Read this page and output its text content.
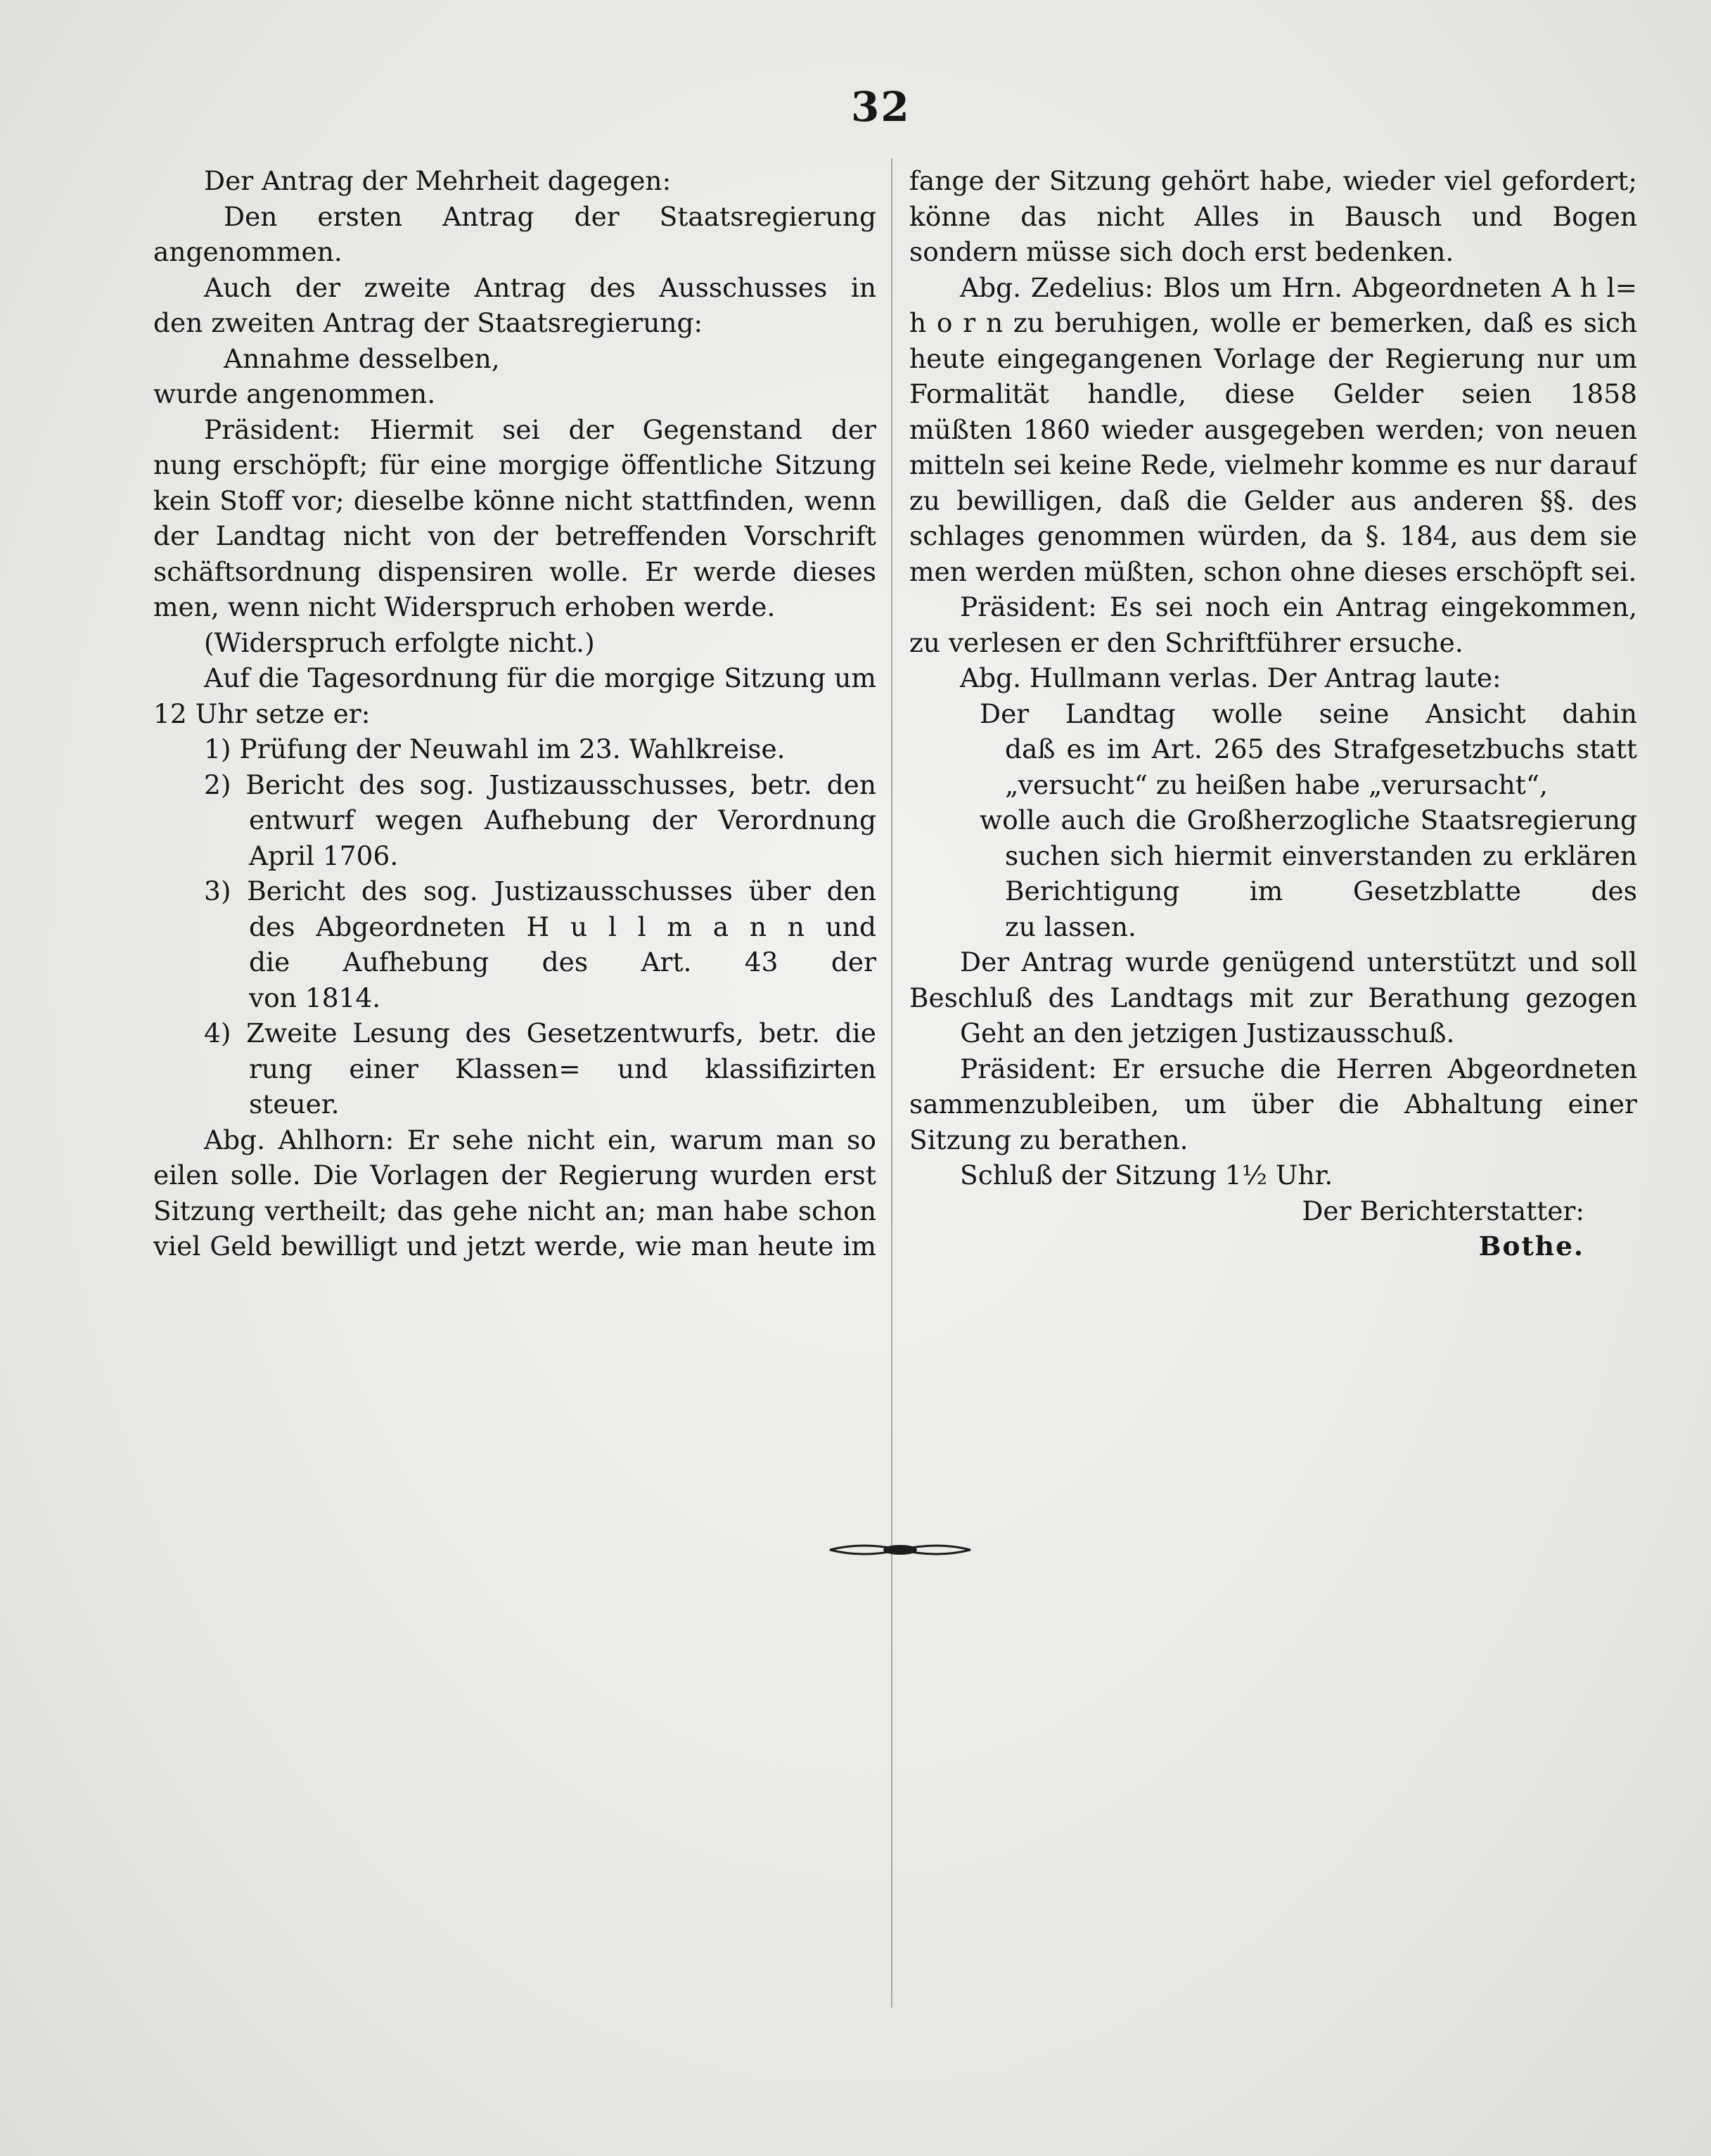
32
Der Antrag der Mehrheit dagegen:
Den ersten Antrag der Staatsregierung
angenommen.
Auch der zweite Antrag des Ausschusses in
den zweiten Antrag der Staatsregierung:
Annahme desselben,
wurde angenommen.
Präsident: Hiermit sei der Gegenstand der
nung erschöpft; für eine morgige öffentliche Sitzung
kein Stoff vor; dieselbe könne nicht stattfinden, wenn
der Landtag nicht von der betreffenden Vorschrift
schäftsordnung dispensiren wolle. Er werde dieses
men, wenn nicht Widerspruch erhoben werde.
(Widerspruch erfolgte nicht.)
Auf die Tagesordnung für die morgige Sitzung um
12 Uhr setze er:
1) Prüfung der Neuwahl im 23. Wahlkreise.
2) Bericht des sog. Justizausschusses, betr. den
entwurf wegen Aufhebung der Verordnung
April 1706.
3) Bericht des sog. Justizausschusses über den
des Abgeordneten H u l l m a n n und
die Aufhebung des Art. 43 der
von 1814.
4) Zweite Lesung des Gesetzentwurfs, betr. die
rung einer Klassen= und klassifizirten
steuer.
Abg. Ahlhorn: Er sehe nicht ein, warum man so
eilen solle. Die Vorlagen der Regierung wurden erst
Sitzung vertheilt; das gehe nicht an; man habe schon
viel Geld bewilligt und jetzt werde, wie man heute im
fange der Sitzung gehört habe, wieder viel gefordert;
könne das nicht Alles in Bausch und Bogen
sondern müsse sich doch erst bedenken.
Abg. Zedelius: Blos um Hrn. Abgeordneten A h l=
h o r n zu beruhigen, wolle er bemerken, daß es sich
heute eingegangenen Vorlage der Regierung nur um
Formalität handle, diese Gelder seien 1858
müßten 1860 wieder ausgegeben werden; von neuen
mitteln sei keine Rede, vielmehr komme es nur darauf
zu bewilligen, daß die Gelder aus anderen §§. des
schlages genommen würden, da §. 184, aus dem sie
men werden müßten, schon ohne dieses erschöpft sei.
Präsident: Es sei noch ein Antrag eingekommen,
zu verlesen er den Schriftführer ersuche.
Abg. Hullmann verlas. Der Antrag laute:
Der Landtag wolle seine Ansicht dahin
daß es im Art. 265 des Strafgesetzbuchs statt
„versucht“ zu heißen habe „verursacht“,
wolle auch die Großherzogliche Staatsregierung
suchen sich hiermit einverstanden zu erklären
Berichtigung im Gesetzblatte des
zu lassen.
Der Antrag wurde genügend unterstützt und soll
Beschluß des Landtags mit zur Berathung gezogen
Geht an den jetzigen Justizausschuß.
Präsident: Er ersuche die Herren Abgeordneten
sammenzubleiben, um über die Abhaltung einer
Sitzung zu berathen.
Schluß der Sitzung 1½ Uhr.
Der Berichterstatter:
Bothe.
